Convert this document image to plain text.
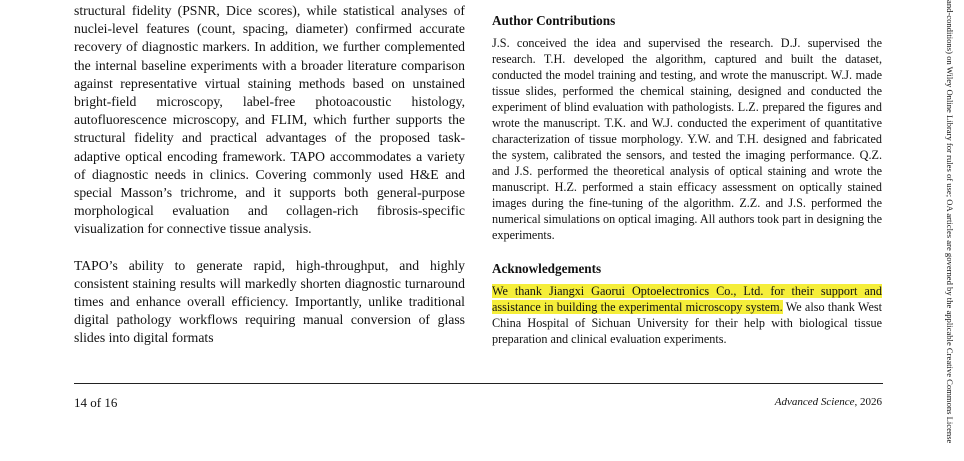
structural fidelity (PSNR, Dice scores), while statistical analyses of nuclei-level features (count, spacing, diameter) confirmed accurate recovery of diagnostic markers. In addition, we further complemented the internal baseline experiments with a broader literature comparison against representative virtual staining methods based on unstained bright-field microscopy, label-free photoacoustic histology, autofluorescence microscopy, and FLIM, which further supports the structural fidelity and practical advantages of the proposed task-adaptive optical encoding framework. TAPO accommodates a variety of diagnostic needs in clinics. Covering commonly used H&E and special Masson’s trichrome, and it supports both general-purpose morphological evaluation and collagen-rich fibrosis-specific visualization for connective tissue analysis.

TAPO’s ability to generate rapid, high-throughput, and highly consistent staining results will markedly shorten diagnostic turnaround times and enhance overall efficiency. Importantly, unlike traditional digital pathology workflows requiring manual conversion of glass slides into digital formats

Author Contributions

J.S. conceived the idea and supervised the research. D.J. supervised the research. T.H. developed the algorithm, captured and built the dataset, conducted the model training and testing, and wrote the manuscript. W.J. made tissue slides, performed the chemical staining, designed and conducted the experiment of blind evaluation with pathologists. L.Z. prepared the figures and wrote the manuscript. T.K. and W.J. conducted the experiment of quantitative characterization of tissue morphology. Y.W. and T.H. designed and fabricated the system, calibrated the sensors, and tested the imaging performance. Q.Z. and J.S. performed the theoretical analysis of optical staining and wrote the manuscript. H.Z. performed a stain efficacy assessment on optically stained images during the fine-tuning of the algorithm. Z.Z. and J.S. performed the numerical simulations on optical imaging. All authors took part in designing the experiments.

Acknowledgements

We thank Jiangxi Gaorui Optoelectronics Co., Ltd. for their support and assistance in building the experimental microscopy system. We also thank West China Hospital of Sichuan University for their help with biological tissue preparation and clinical evaluation experiments.

14 of 16	Advanced Science, 2026	and-conditions) on Wiley Online Library for rules of use; OA articles are governed by the applicable Creative Commons License
